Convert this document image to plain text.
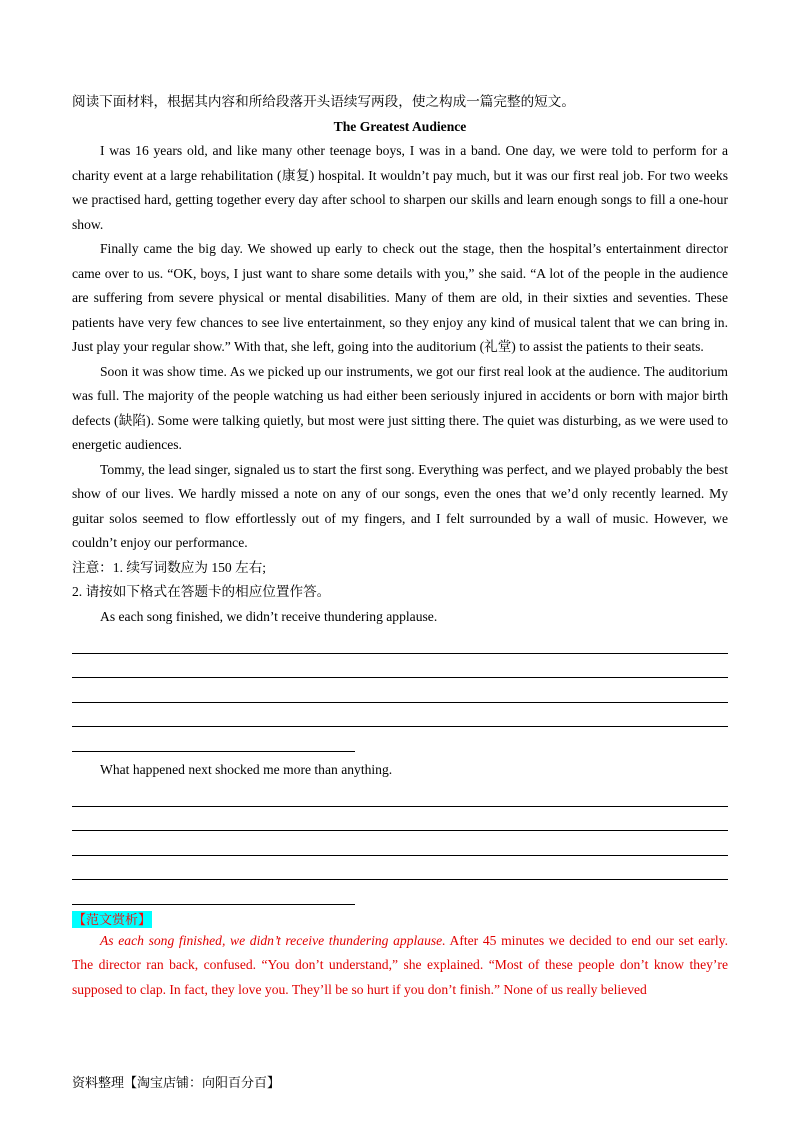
阅读下面材料，根据其内容和所给段落开头语续写两段，使之构成一篇完整的短文。
The Greatest Audience
I was 16 years old, and like many other teenage boys, I was in a band. One day, we were told to perform for a charity event at a large rehabilitation (康复) hospital. It wouldn’t pay much, but it was our first real job. For two weeks we practised hard, getting together every day after school to sharpen our skills and learn enough songs to fill a one-hour show.
Finally came the big day. We showed up early to check out the stage, then the hospital’s entertainment director came over to us. “OK, boys, I just want to share some details with you,” she said. “A lot of the people in the audience are suffering from severe physical or mental disabilities. Many of them are old, in their sixties and seventies. These patients have very few chances to see live entertainment, so they enjoy any kind of musical talent that we can bring in. Just play your regular show.” With that, she left, going into the auditorium (礼堂) to assist the patients to their seats.
Soon it was show time. As we picked up our instruments, we got our first real look at the audience. The auditorium was full. The majority of the people watching us had either been seriously injured in accidents or born with major birth defects (缺陷). Some were talking quietly, but most were just sitting there. The quiet was disturbing, as we were used to energetic audiences.
Tommy, the lead singer, signaled us to start the first song. Everything was perfect, and we played probably the best show of our lives. We hardly missed a note on any of our songs, even the ones that we’d only recently learned. My guitar solos seemed to flow effortlessly out of my fingers, and I felt surrounded by a wall of music. However, we couldn’t enjoy our performance.
注意：1. 续写词数应为 150 左右;
2. 请按如下格式在答题卡的相应位置作答。
As each song finished, we didn’t receive thundering applause.
What happened next shocked me more than anything.
【范文赏析】
As each song finished, we didn’t receive thundering applause. After 45 minutes we decided to end our set early. The director ran back, confused. “You don’t understand,” she explained. “Most of these people don’t know they’re supposed to clap. In fact, they love you. They’ll be so hurt if you don’t finish.” None of us really believed
资料整理【淘宝店铺：向阳百分百】
